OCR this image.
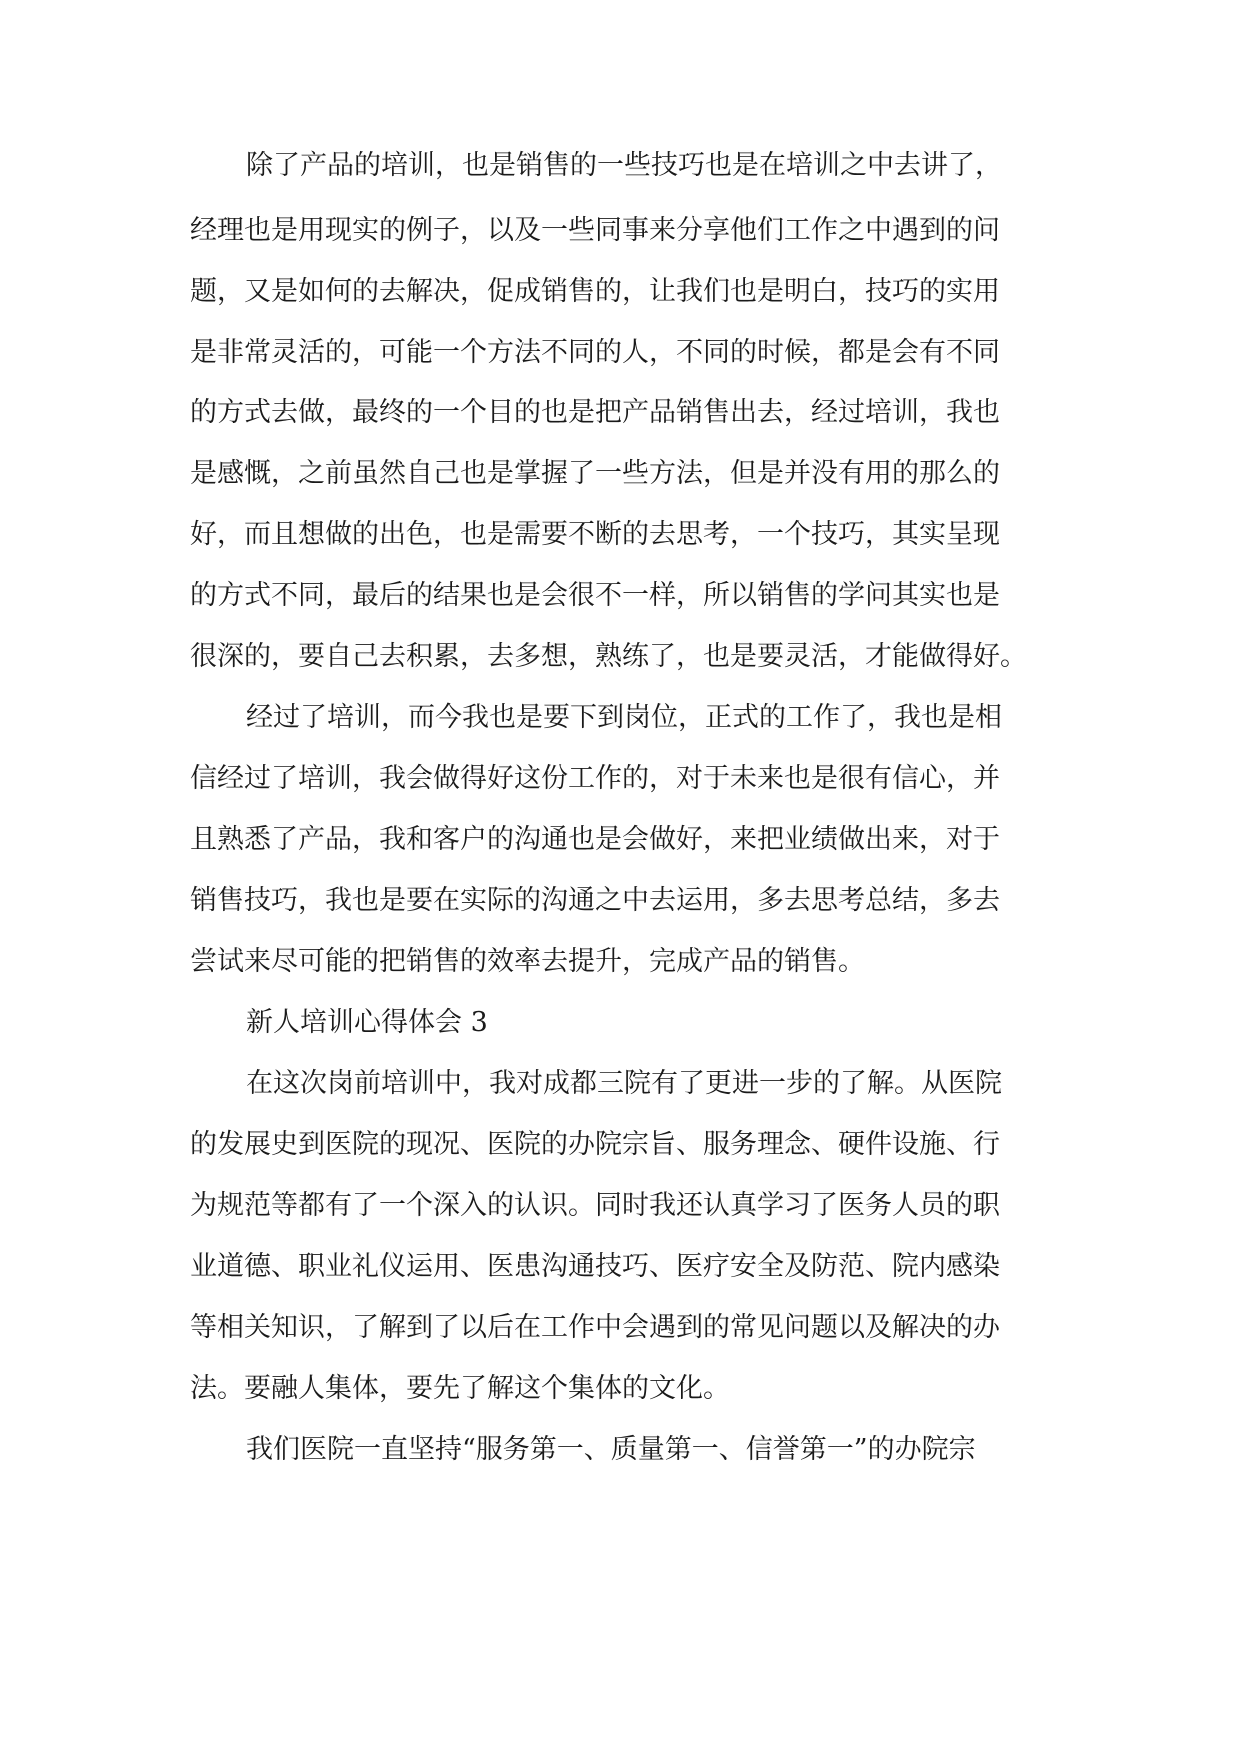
除了产品的培训，也是销售的一些技巧也是在培训之中去讲了，
经理也是用现实的例子，以及一些同事来分享他们工作之中遇到的问
题，又是如何的去解决，促成销售的，让我们也是明白，技巧的实用
是非常灵活的，可能一个方法不同的人，不同的时候，都是会有不同
的方式去做，最终的一个目的也是把产品销售出去，经过培训，我也
是感慨，之前虽然自己也是掌握了一些方法，但是并没有用的那么的
好，而且想做的出色，也是需要不断的去思考，一个技巧，其实呈现
的方式不同，最后的结果也是会很不一样，所以销售的学问其实也是
很深的，要自己去积累，去多想，熟练了，也是要灵活，才能做得好。
经过了培训，而今我也是要下到岗位，正式的工作了，我也是相
信经过了培训，我会做得好这份工作的，对于未来也是很有信心，并
且熟悉了产品，我和客户的沟通也是会做好，来把业绩做出来，对于
销售技巧，我也是要在实际的沟通之中去运用，多去思考总结，多去
尝试来尽可能的把销售的效率去提升，完成产品的销售。
新人培训心得体会 3
在这次岗前培训中，我对成都三院有了更进一步的了解。从医院
的发展史到医院的现况、医院的办院宗旨、服务理念、硬件设施、行
为规范等都有了一个深入的认识。同时我还认真学习了医务人员的职
业道德、职业礼仪运用、医患沟通技巧、医疗安全及防范、院内感染
等相关知识，了解到了以后在工作中会遇到的常见问题以及解决的办
法。要融人集体，要先了解这个集体的文化。
我们医院一直坚持“服务第一、质量第一、信誉第一”的办院宗
